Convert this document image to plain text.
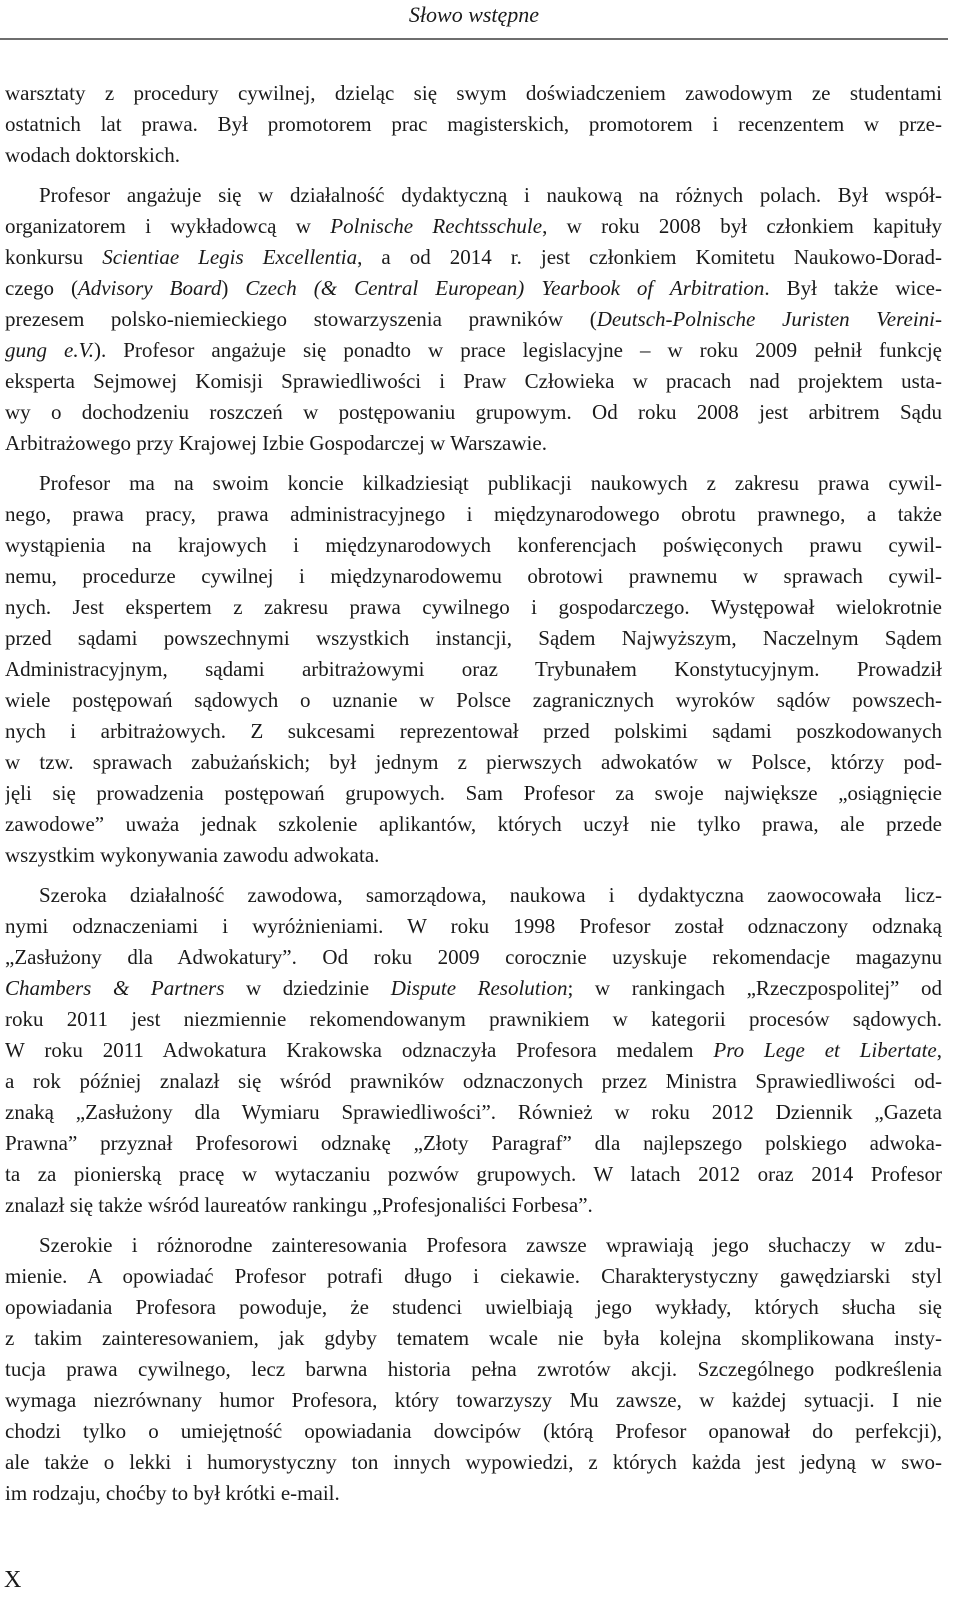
Słowo wstępne
warsztaty z procedury cywilnej, dzieląc się swym doświadczeniem zawodowym ze studentami
ostatnich lat prawa. Był promotorem prac magisterskich, promotorem i recenzentem w prze-
wodach doktorskich.
Profesor angażuje się w działalność dydaktyczną i naukową na różnych polach. Był współ-
organizatorem i wykładowcą w Polnische Rechtsschule, w roku 2008 był członkiem kapituły
konkursu Scientiae Legis Excellentia, a od 2014 r. jest członkiem Komitetu Naukowo-Dorad-
czego (Advisory Board) Czech (& Central European) Yearbook of Arbitration. Był także wice-
prezesem polsko-niemieckiego stowarzyszenia prawników (Deutsch-Polnische Juristen Vereini-
gung e.V.). Profesor angażuje się ponadto w prace legislacyjne – w roku 2009 pełnił funkcję
eksperta Sejmowej Komisji Sprawiedliwości i Praw Człowieka w pracach nad projektem usta-
wy o dochodzeniu roszczeń w postępowaniu grupowym. Od roku 2008 jest arbitrem Sądu
Arbitrażowego przy Krajowej Izbie Gospodarczej w Warszawie.
Profesor ma na swoim koncie kilkadziesiąt publikacji naukowych z zakresu prawa cywil-
nego, prawa pracy, prawa administracyjnego i międzynarodowego obrotu prawnego, a także
wystąpienia na krajowych i międzynarodowych konferencjach poświęconych prawu cywil-
nemu, procedurze cywilnej i międzynarodowemu obrotowi prawnemu w sprawach cywil-
nych. Jest ekspertem z zakresu prawa cywilnego i gospodarczego. Występował wielokrotnie
przed sądami powszechnymi wszystkich instancji, Sądem Najwyższym, Naczelnym Sądem
Administracyjnym, sądami arbitrażowymi oraz Trybunałem Konstytucyjnym. Prowadził
wiele postępowań sądowych o uznanie w Polsce zagranicznych wyroków sądów powszech-
nych i arbitrażowych. Z sukcesami reprezentował przed polskimi sądami poszkodowanych
w tzw. sprawach zabużańskich; był jednym z pierwszych adwokatów w Polsce, którzy pod-
jęli się prowadzenia postępowań grupowych. Sam Profesor za swoje największe „osiągnięcie
zawodowe” uważa jednak szkolenie aplikantów, których uczył nie tylko prawa, ale przede
wszystkim wykonywania zawodu adwokata.
Szeroka działalność zawodowa, samorządowa, naukowa i dydaktyczna zaowocowała licz-
nymi odznaczeniami i wyróżnieniami. W roku 1998 Profesor został odznaczony odznaką
„Zasłużony dla Adwokatury”. Od roku 2009 corocznie uzyskuje rekomendacje magazynu
Chambers & Partners w dziedzinie Dispute Resolution; w rankingach „Rzeczpospolitej” od
roku 2011 jest niezmiennie rekomendowanym prawnikiem w kategorii procesów sądowych.
W roku 2011 Adwokatura Krakowska odznaczyła Profesora medalem Pro Lege et Libertate,
a rok później znalazł się wśród prawników odznaczonych przez Ministra Sprawiedliwości od-
znaką „Zasłużony dla Wymiaru Sprawiedliwości”. Również w roku 2012 Dziennik „Gazeta
Prawna” przyznał Profesorowi odznakę „Złoty Paragraf” dla najlepszego polskiego adwoka-
ta za pionierską pracę w wytaczaniu pozwów grupowych. W latach 2012 oraz 2014 Profesor
znalazł się także wśród laureatów rankingu „Profesjonaliści Forbesa”.
Szerokie i różnorodne zainteresowania Profesora zawsze wprawiają jego słuchaczy w zdu-
mienie. A opowiadać Profesor potrafi długo i ciekawie. Charakterystyczny gawędziarski styl
opowiadania Profesora powoduje, że studenci uwielbiają jego wykłady, których słucha się
z takim zainteresowaniem, jak gdyby tematem wcale nie była kolejna skomplikowana insty-
tucja prawa cywilnego, lecz barwna historia pełna zwrotów akcji. Szczególnego podkreślenia
wymaga niezrównany humor Profesora, który towarzyszy Mu zawsze, w każdej sytuacji. I nie
chodzi tylko o umiejętność opowiadania dowcipów (którą Profesor opanował do perfekcji),
ale także o lekki i humorystyczny ton innych wypowiedzi, z których każda jest jedyną w swo-
im rodzaju, choćby to był krótki e-mail.
X
